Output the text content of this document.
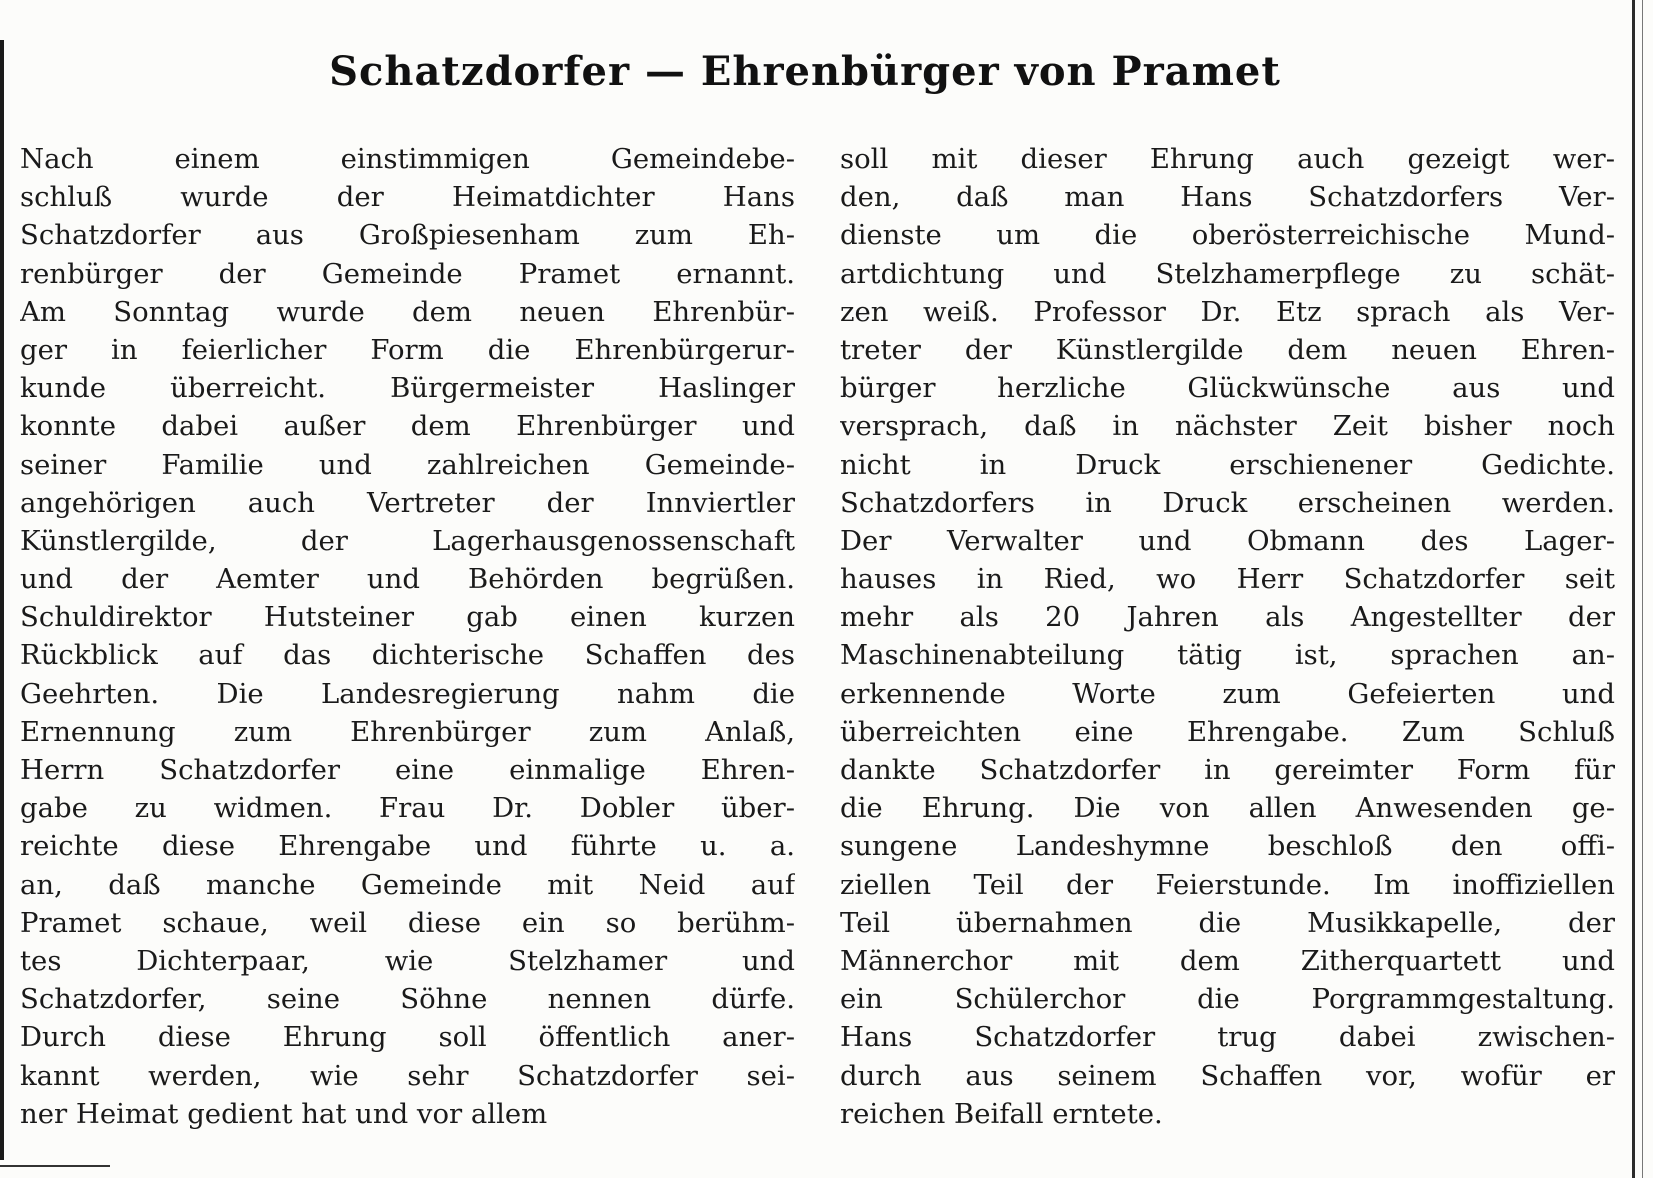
Schatzdorfer — Ehrenbürger von Pramet
Nach einem einstimmigen Gemeindebe-
schluß wurde der Heimatdichter Hans
Schatzdorfer aus Großpiesenham zum Eh-
renbürger der Gemeinde Pramet ernannt.
Am Sonntag wurde dem neuen Ehrenbür-
ger in feierlicher Form die Ehrenbürgerur-
kunde überreicht. Bürgermeister Haslinger
konnte dabei außer dem Ehrenbürger und
seiner Familie und zahlreichen Gemeinde-
angehörigen auch Vertreter der Innviertler
Künstlergilde, der Lagerhausgenossenschaft
und der Aemter und Behörden begrüßen.
Schuldirektor Hutsteiner gab einen kurzen
Rückblick auf das dichterische Schaffen des
Geehrten. Die Landesregierung nahm die
Ernennung zum Ehrenbürger zum Anlaß,
Herrn Schatzdorfer eine einmalige Ehren-
gabe zu widmen. Frau Dr. Dobler über-
reichte diese Ehrengabe und führte u. a.
an, daß manche Gemeinde mit Neid auf
Pramet schaue, weil diese ein so berühm-
tes Dichterpaar, wie Stelzhamer und
Schatzdorfer, seine Söhne nennen dürfe.
Durch diese Ehrung soll öffentlich aner-
kannt werden, wie sehr Schatzdorfer sei-
ner Heimat gedient hat und vor allem
soll mit dieser Ehrung auch gezeigt wer-
den, daß man Hans Schatzdorfers Ver-
dienste um die oberösterreichische Mund-
artdichtung und Stelzhamerpflege zu schät-
zen weiß. Professor Dr. Etz sprach als Ver-
treter der Künstlergilde dem neuen Ehren-
bürger herzliche Glückwünsche aus und
versprach, daß in nächster Zeit bisher noch
nicht in Druck erschienener Gedichte.
Schatzdorfers in Druck erscheinen werden.
Der Verwalter und Obmann des Lager-
hauses in Ried, wo Herr Schatzdorfer seit
mehr als 20 Jahren als Angestellter der
Maschinenabteilung tätig ist, sprachen an-
erkennende Worte zum Gefeierten und
überreichten eine Ehrengabe. Zum Schluß
dankte Schatzdorfer in gereimter Form für
die Ehrung. Die von allen Anwesenden ge-
sungene Landeshymne beschloß den offi-
ziellen Teil der Feierstunde. Im inoffiziellen
Teil übernahmen die Musikkapelle, der
Männerchor mit dem Zitherquartett und
ein Schülerchor die Porgrammgestaltung.
Hans Schatzdorfer trug dabei zwischen-
durch aus seinem Schaffen vor, wofür er
reichen Beifall erntete.
